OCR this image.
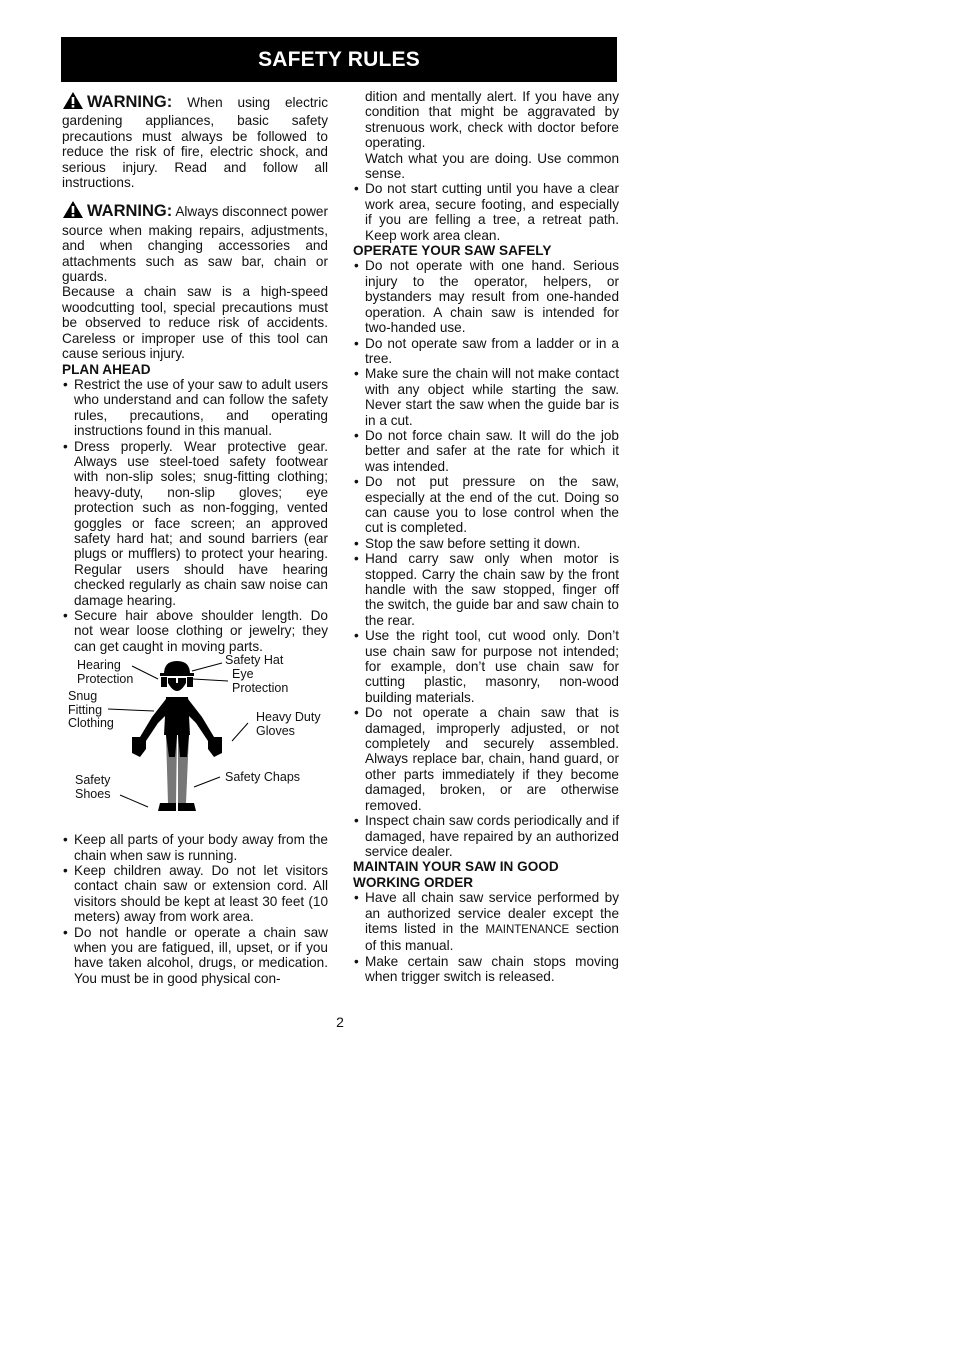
SAFETY RULES

WARNING: When using electric gardening appliances, basic safety precautions must always be followed to reduce the risk of fire, electric shock, and serious injury. Read and follow all instructions.

WARNING: Always disconnect power source when making repairs, adjustments, and when changing accessories and attachments such as saw bar, chain or guards.

Because a chain saw is a high-speed woodcutting tool, special precautions must be observed to reduce risk of accidents. Careless or improper use of this tool can cause serious injury.

PLAN AHEAD

• Restrict the use of your saw to adult users who understand and can follow the safety rules, precautions, and operating instructions found in this manual.
• Dress properly. Wear protective gear. Always use steel-toed safety footwear with non-slip soles; snug-fitting clothing; heavy-duty, non-slip gloves; eye protection such as non-fogging, vented goggles or face screen; an approved safety hard hat; and sound barriers (ear plugs or mufflers) to protect your hearing. Regular users should have hearing checked regularly as chain saw noise can damage hearing.
• Secure hair above shoulder length. Do not wear loose clothing or jewelry; they can get caught in moving parts.
Hearing
Protection
Safety Hat
Eye
Protection
Snug
Fitting
Clothing	Heavy Duty
Gloves
Safety
Shoes
Safety Chaps
• Keep all parts of your body away from the chain when saw is running.
• Keep children away. Do not let visitors contact chain saw or extension cord. All visitors should be kept at least 30 feet (10 meters) away from work area.
• Do not handle or operate a chain saw when you are fatigued, ill, upset, or if you have taken alcohol, drugs, or medication. You must be in good physical con-

dition and mentally alert. If you have any condition that might be aggravated by strenuous work, check with doctor before operating.

Watch what you are doing. Use common sense.

• Do not start cutting until you have a clear work area, secure footing, and especially if you are felling a tree, a retreat path. Keep work area clean.

OPERATE YOUR SAW SAFELY

• Do not operate with one hand. Serious injury to the operator, helpers, or bystanders may result from one-handed operation. A chain saw is intended for two-handed use.
• Do not operate saw from a ladder or in a tree.
• Make sure the chain will not make contact with any object while starting the saw. Never start the saw when the guide bar is in a cut.
• Do not force chain saw. It will do the job better and safer at the rate for which it was intended.
• Do not put pressure on the saw, especially at the end of the cut. Doing so can cause you to lose control when the cut is completed.
• Stop the saw before setting it down.
• Hand carry saw only when motor is stopped. Carry the chain saw by the front handle with the saw stopped, finger off the switch, the guide bar and saw chain to the rear.
• Use the right tool, cut wood only. Don’t use chain saw for purpose not intended; for example, don’t use chain saw for cutting plastic, masonry, non-wood building materials.
• Do not operate a chain saw that is damaged, improperly adjusted, or not completely and securely assembled. Always replace bar, chain, hand guard, or other parts immediately if they become damaged, broken, or are otherwise removed.
• Inspect chain saw cords periodically and if damaged, have repaired by an authorized service dealer.

MAINTAIN YOUR SAW IN GOOD WORKING ORDER

• Have all chain saw service performed by an authorized service dealer except the items listed in the MAINTENANCE section of this manual.
• Make certain saw chain stops moving when trigger switch is released.
2
